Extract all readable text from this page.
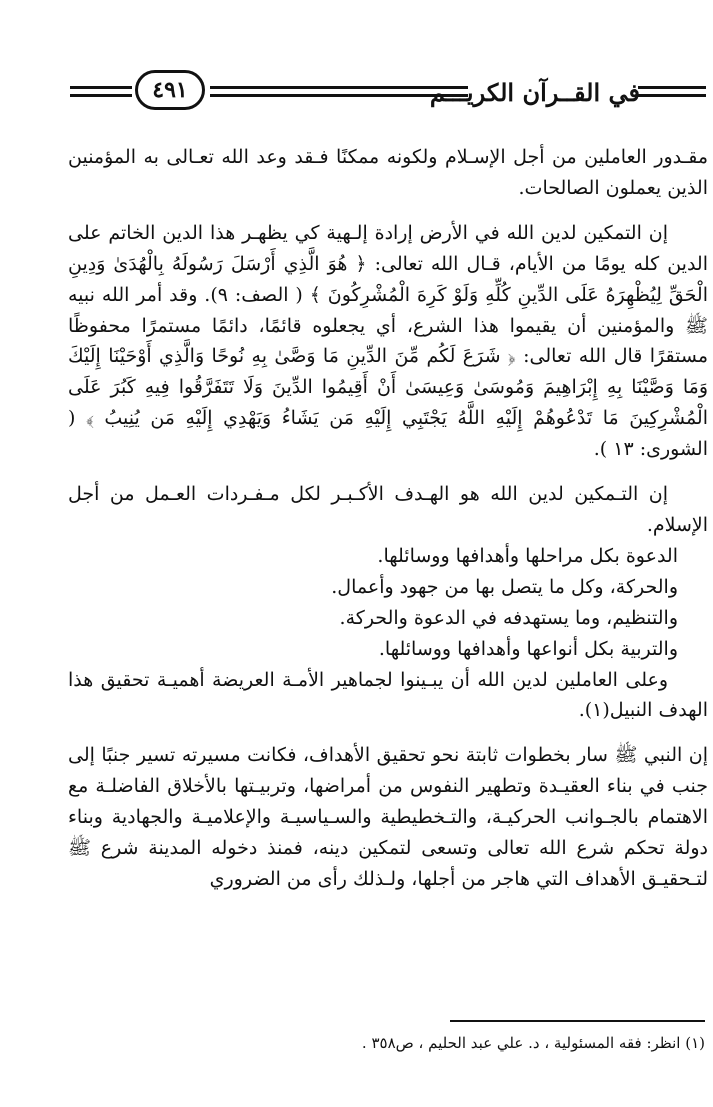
في القــرآن الكريـــم
٤٩١

مقـدور العاملين من أجل الإسـلام ولكونه ممكنًا فـقد وعد الله تعـالى به المؤمنين الذين يعملون الصالحات.

إن التمكين لدين الله في الأرض إرادة إلـهية كي يظهـر هذا الدين الخاتم على الدين كله يومًا من الأيام، قـال الله تعالى: ﴿ هُوَ الَّذِي أَرْسَلَ رَسُولَهُ بِالْهُدَىٰ وَدِينِ الْحَقِّ لِيُظْهِرَهُ عَلَى الدِّينِ كُلِّهِ وَلَوْ كَرِهَ الْمُشْرِكُونَ ﴾ ( الصف: ٩). وقد أمر الله نبيه ﷺ والمؤمنين أن يقيموا هذا الشرع، أي يجعلوه قائمًا، دائمًا مستمرًا محفوظًا مستقرًا قال الله تعالى: ﴿ شَرَعَ لَكُم مِّنَ الدِّينِ مَا وَصَّىٰ بِهِ نُوحًا وَالَّذِي أَوْحَيْنَا إِلَيْكَ وَمَا وَصَّيْنَا بِهِ إِبْرَاهِيمَ وَمُوسَىٰ وَعِيسَىٰ أَنْ أَقِيمُوا الدِّينَ وَلَا تَتَفَرَّقُوا فِيهِ كَبُرَ عَلَى الْمُشْرِكِينَ مَا تَدْعُوهُمْ إِلَيْهِ اللَّهُ يَجْتَبِي إِلَيْهِ مَن يَشَاءُ وَيَهْدِي إِلَيْهِ مَن يُنِيبُ ﴾ ( الشورى: ١٣ ).

إن التـمكين لدين الله هو الهـدف الأكـبـر لكل مـفـردات العـمل من أجل الإسلام.

الدعوة بكل مراحلها وأهدافها ووسائلها.

والحركة، وكل ما يتصل بها من جهود وأعمال.

والتنظيم، وما يستهدفه في الدعوة والحركة.

والتربية بكل أنواعها وأهدافها ووسائلها.

وعلى العاملين لدين الله أن يبـينوا لجماهير الأمـة العريضة أهميـة تحقيق هذا الهدف النبيل(١).

إن النبي ﷺ سار بخطوات ثابتة نحو تحقيق الأهداف، فكانت مسيرته تسير جنبًا إلى جنب في بناء العقيـدة وتطهير النفوس من أمراضها، وتربيـتها بالأخلاق الفاضلـة مع الاهتمام بالجـوانب الحركيـة، والتـخطيطية والسـياسيـة والإعلاميـة والجهادية وبناء دولة تحكم شرع الله تعالى وتسعى لتمكين دينه، فمنذ دخوله المدينة شرع ﷺ لتـحقيـق الأهداف التي هاجر من أجلها، ولـذلك رأى من الضروري

(١) انظر: فقه المسئولية ، د. علي عبد الحليم ، ص٣٥٨ .
